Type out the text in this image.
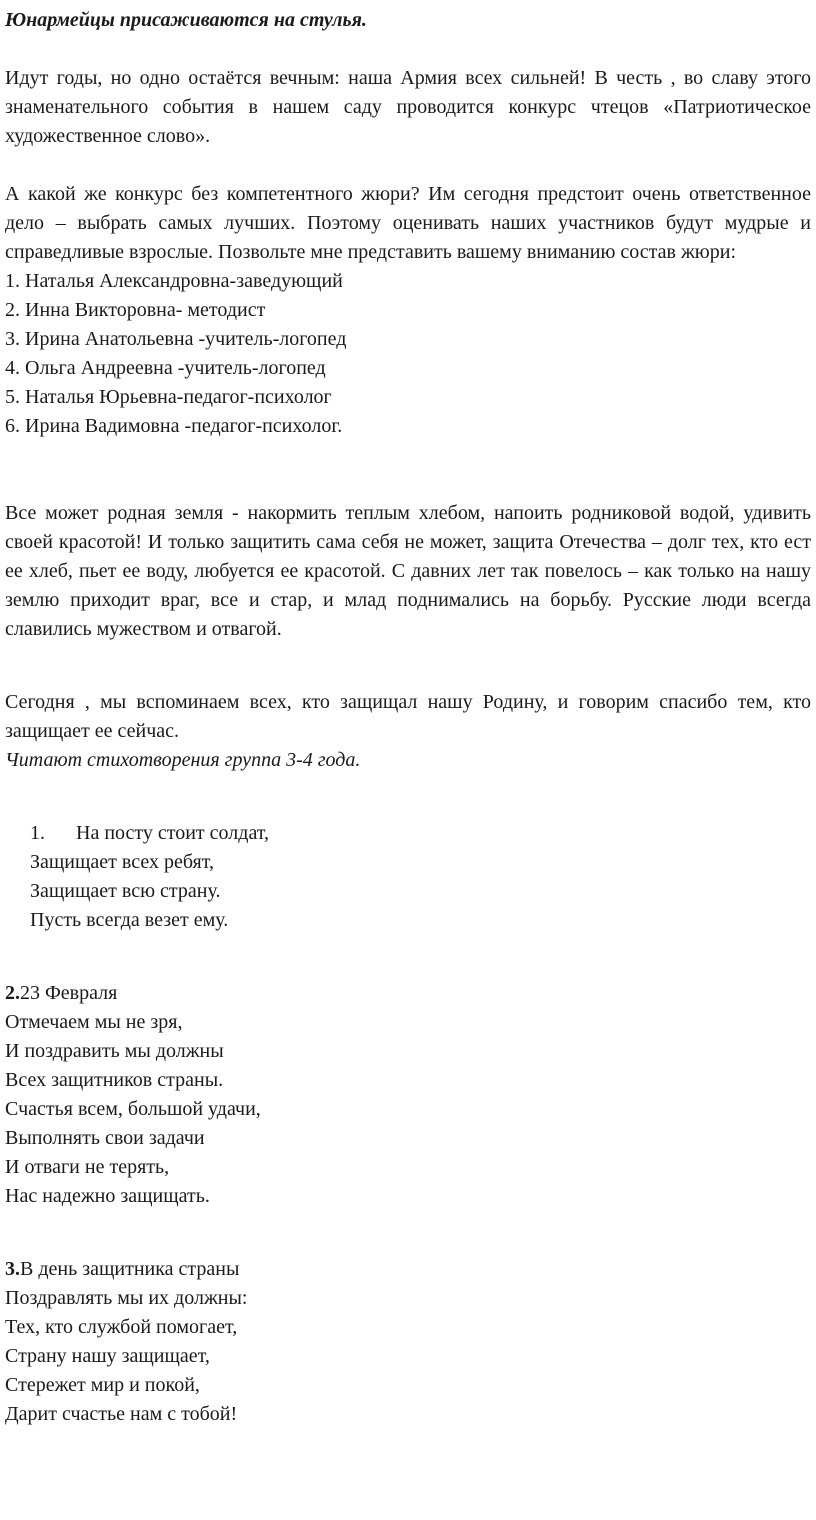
Юнармейцы присаживаются на стулья.

Идут годы, но одно остаётся вечным: наша Армия всех сильней! В честь , во славу этого знаменательного события в нашем саду проводится конкурс чтецов «Патриотическое художественное слово».

А какой же конкурс без компетентного жюри? Им сегодня предстоит очень ответственное дело – выбрать самых лучших. Поэтому оценивать наших участников будут мудрые и справедливые взрослые. Позвольте мне представить вашему вниманию состав жюри:

1. Наталья Александровна-заведующий

2. Инна Викторовна- методист

3. Ирина Анатольевна -учитель-логопед

4. Ольга Андреевна -учитель-логопед

5. Наталья Юрьевна-педагог-психолог

6. Ирина Вадимовна -педагог-психолог.

Все может родная земля - накормить теплым хлебом, напоить родниковой водой, удивить своей красотой! И только защитить сама себя не может, защита Отечества – долг тех, кто ест ее хлеб, пьет ее воду, любуется ее красотой. С давних лет так повелось – как только на нашу землю приходит враг, все и стар, и млад поднимались на борьбу. Русские люди всегда славились мужеством и отвагой.

Сегодня , мы вспоминаем всех, кто защищал нашу Родину, и говорим спасибо тем, кто защищает ее сейчас.

Читают стихотворения группа 3-4 года.

1. На посту стоит солдат,

Защищает всех ребят,

Защищает всю страну.

Пусть всегда везет ему.

2.23 Февраля

Отмечаем мы не зря,

И поздравить мы должны

Всех защитников страны.

Счастья всем, большой удачи,

Выполнять свои задачи

И отваги не терять,

Нас надежно защищать.

3.В день защитника страны

Поздравлять мы их должны:

Тех, кто службой помогает,

Страну нашу защищает,

Стережет мир и покой,

Дарит счастье нам с тобой!
